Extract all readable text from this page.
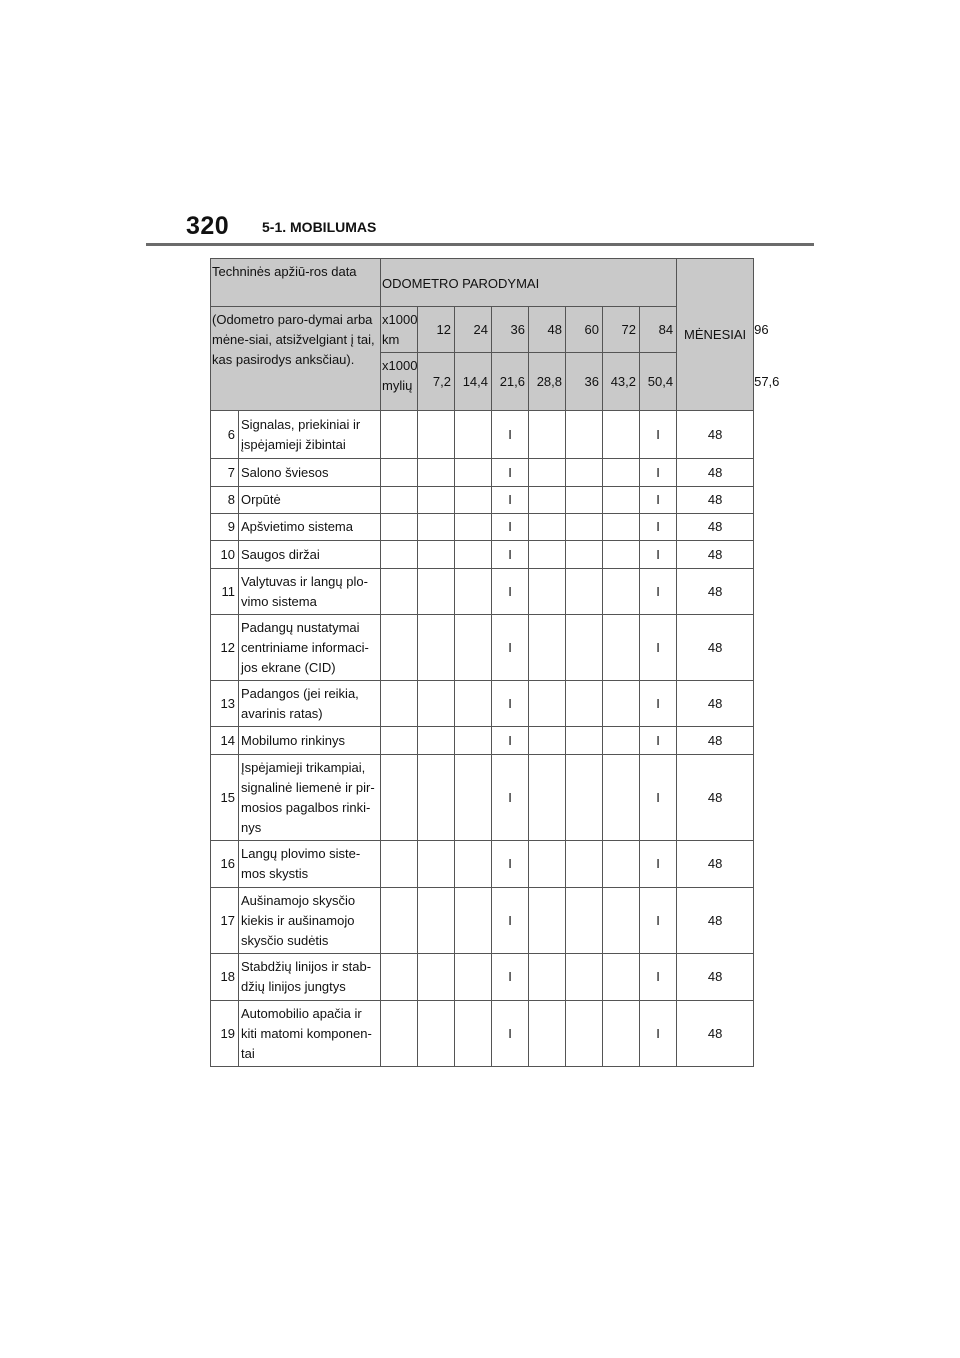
320 5-1. MOBILUMAS
Techninės apžiū-ros data		ODOMETRO PARODYMAI								MĖNESIAI	
(Odometro paro-dymai arba mėne-siai, atsižvelgiant į tai, kas pasirodys anksčiau).		x1000 km	12	24	36	48	60	72	84		96
		x1000 mylių	7,2	14,4	21,6	28,8	36	43,2	50,4		57,6
6	Signalas, priekiniai ir įspėjamieji žibintai				I				I	48	
7	Salono šviesos				I				I	48	
8	Orpūtė				I				I	48	
9	Apšvietimo sistema				I				I	48	
10	Saugos diržai				I				I	48	
11	Valytuvas ir langų plo-vimo sistema				I				I	48	
12	Padangų nustatymai centriniame informaci-jos ekrane (CID)				I				I	48	
13	Padangos (jei reikia, avarinis ratas)				I				I	48	
14	Mobilumo rinkinys				I				I	48	
15	Įspėjamieji trikampiai, signalinė liemenė ir pir-mosios pagalbos rinki-nys				I				I	48	
16	Langų plovimo siste-mos skystis				I				I	48	
17	Aušinamojo skysčio kiekis ir aušinamojo skysčio sudėtis				I				I	48	
18	Stabdžių linijos ir stab-džių linijos jungtys				I				I	48	
19	Automobilio apačia ir kiti matomi komponen-tai				I				I	48	
